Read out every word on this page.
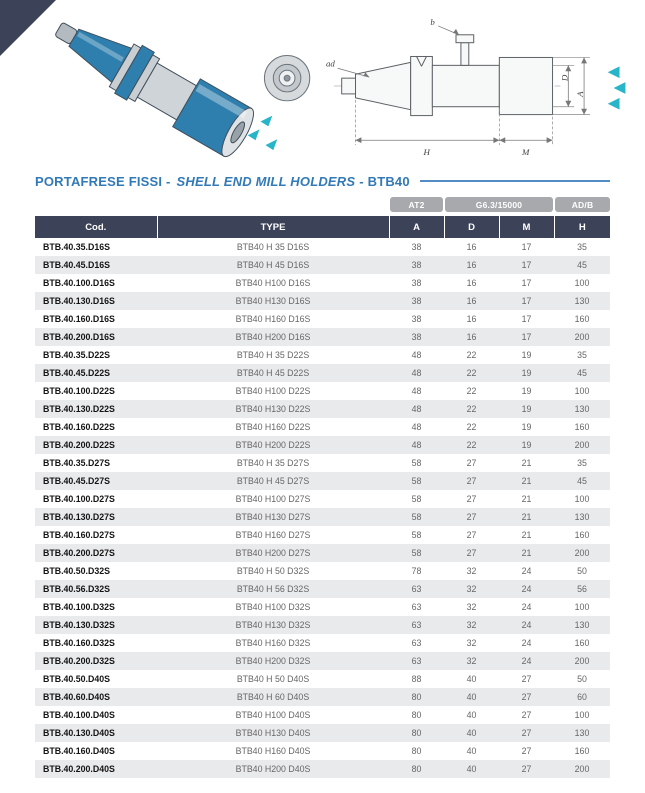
b
ad
D
A
H	M
PORTAFRESE FISSI - SHELL END MILL HOLDERS - BTB40
AT2	G6.3/15000	AD/B
Cod.	TYPE	A	D	M	H
BTB.40.35.D16S	BTB40 H 35 D16S	38	16	17	35
BTB.40.45.D16S	BTB40 H 45 D16S	38	16	17	45
BTB.40.100.D16S	BTB40 H100 D16S	38	16	17	100
BTB.40.130.D16S	BTB40 H130 D16S	38	16	17	130
BTB.40.160.D16S	BTB40 H160 D16S	38	16	17	160
BTB.40.200.D16S	BTB40 H200 D16S	38	16	17	200
BTB.40.35.D22S	BTB40 H 35 D22S	48	22	19	35
BTB.40.45.D22S	BTB40 H 45 D22S	48	22	19	45
BTB.40.100.D22S	BTB40 H100 D22S	48	22	19	100
BTB.40.130.D22S	BTB40 H130 D22S	48	22	19	130
BTB.40.160.D22S	BTB40 H160 D22S	48	22	19	160
BTB.40.200.D22S	BTB40 H200 D22S	48	22	19	200
BTB.40.35.D27S	BTB40 H 35 D27S	58	27	21	35
BTB.40.45.D27S	BTB40 H 45 D27S	58	27	21	45
BTB.40.100.D27S	BTB40 H100 D27S	58	27	21	100
BTB.40.130.D27S	BTB40 H130 D27S	58	27	21	130
BTB.40.160.D27S	BTB40 H160 D27S	58	27	21	160
BTB.40.200.D27S	BTB40 H200 D27S	58	27	21	200
BTB.40.50.D32S	BTB40 H 50 D32S	78	32	24	50
BTB.40.56.D32S	BTB40 H 56 D32S	63	32	24	56
BTB.40.100.D32S	BTB40 H100 D32S	63	32	24	100
BTB.40.130.D32S	BTB40 H130 D32S	63	32	24	130
BTB.40.160.D32S	BTB40 H160 D32S	63	32	24	160
BTB.40.200.D32S	BTB40 H200 D32S	63	32	24	200
BTB.40.50.D40S	BTB40 H 50 D40S	88	40	27	50
BTB.40.60.D40S	BTB40 H 60 D40S	80	40	27	60
BTB.40.100.D40S	BTB40 H100 D40S	80	40	27	100
BTB.40.130.D40S	BTB40 H130 D40S	80	40	27	130
BTB.40.160.D40S	BTB40 H160 D40S	80	40	27	160
BTB.40.200.D40S	BTB40 H200 D40S	80	40	27	200
